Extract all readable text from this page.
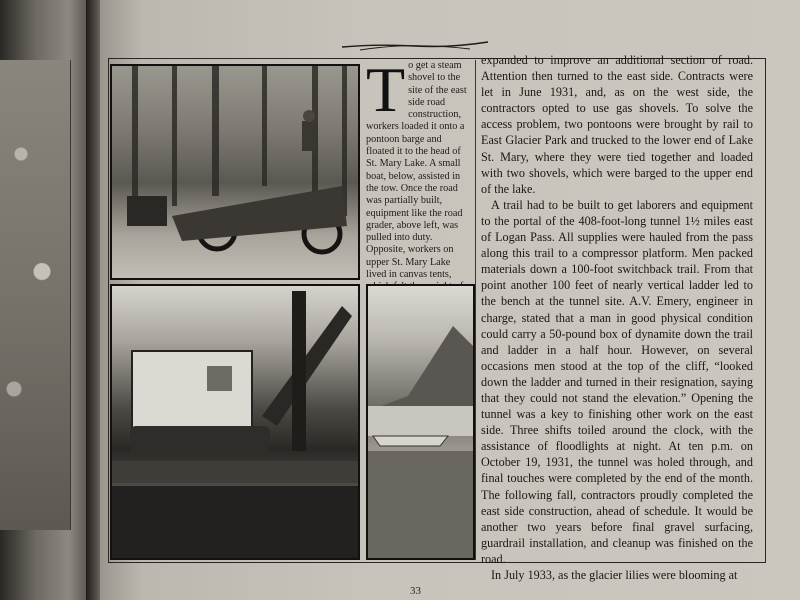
To get a steam shovel to the site of the east side road construction, workers loaded it onto a pontoon barge and floated it to the head of St. Mary Lake. A small boat, below, assisted in the tow. Once the road was partially built, equipment like the road grader, above left, was pulled into duty. Opposite, workers on upper St. Mary Lake lived in canvas tents,

expanded to improve an additional section of road. Attention then turned to the east side. Contracts were let in June 1931, and, as on the west side, the contractors opted to use gas shovels. To solve the access problem, two pontoons were brought by rail to East Glacier Park and trucked to the lower end of Lake St. Mary, where they were tied together and loaded with two shovels, which were barged to the upper end of the lake.

A trail had to be built to get laborers and equipment to the portal of the 408-foot-long tunnel 1½ miles east of Logan Pass. All supplies were hauled from the pass along this trail to a compressor platform. Men packed materials down a 100-foot switchback trail. From that point another 100 feet of nearly vertical ladder led to the bench at the tunnel site. A.V. Emery, engineer in charge, stated that a man in good physical condition could carry a 50-pound box of dynamite down the trail and ladder in a half hour. However, on several occasions men stood at the top of the cliff, “looked down the ladder and turned in their resignation, saying that they could not stand the elevation.” Opening the tunnel was a key to finishing other work on the east side. Three shifts toiled around the clock, with the assistance of floodlights at night. At ten p.m. on October 19, 1931, the tunnel was holed through, and final touches were completed by the end of the month. The following fall, contractors proudly completed the east side construction, ahead of schedule. It would be another two years before final gravel surfacing, guardrail installation, and cleanup was finished on the road.

In July 1933, as the glacier lilies were blooming at

33
